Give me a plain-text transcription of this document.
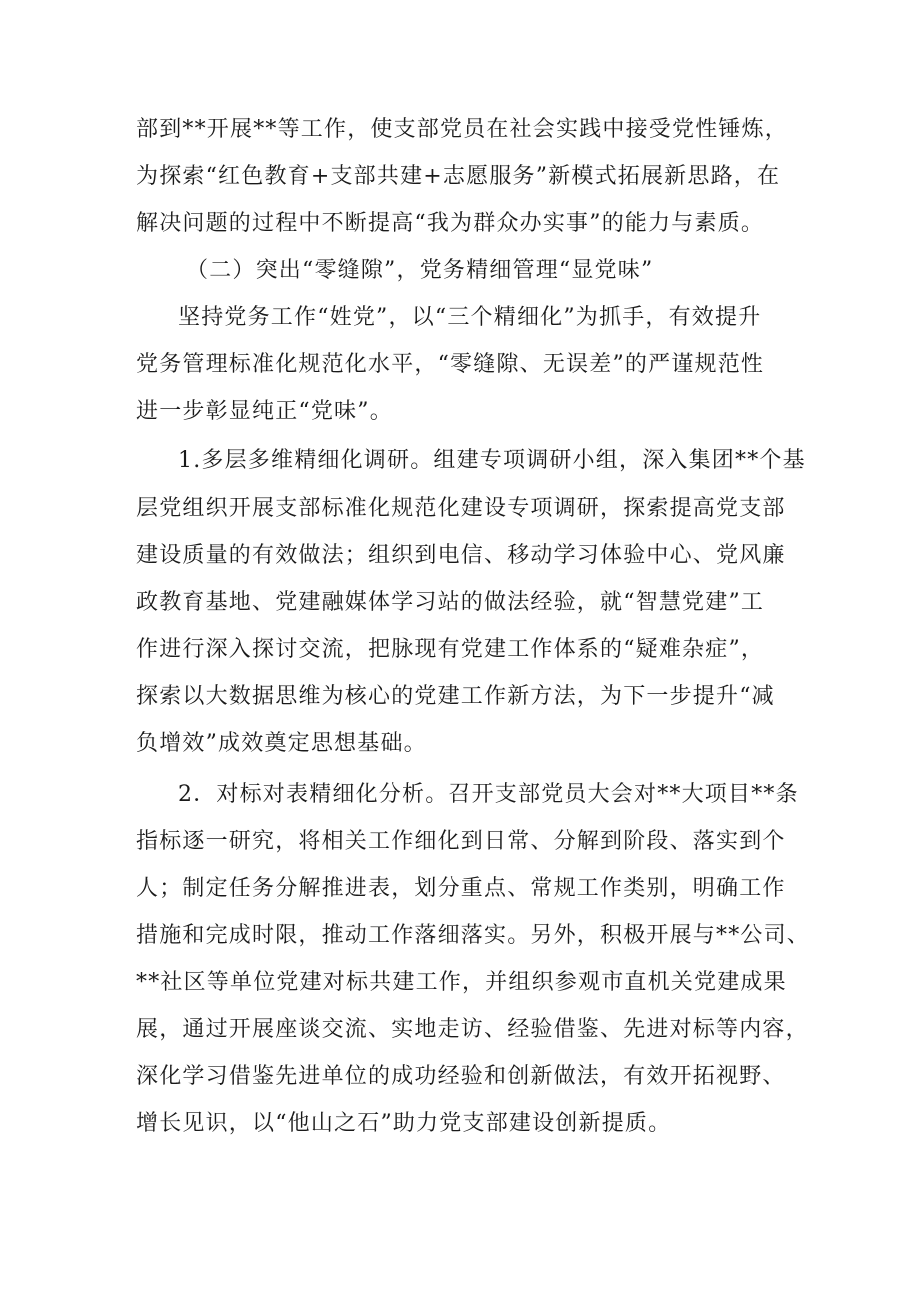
部到**开展**等工作，使支部党员在社会实践中接受党性锤炼，
为探索“红色教育+支部共建+志愿服务”新模式拓展新思路，在
解决问题的过程中不断提高“我为群众办实事”的能力与素质。
（二）突出“零缝隙”，党务精细管理“显党味”
坚持党务工作“姓党”，以“三个精细化”为抓手，有效提升
党务管理标准化规范化水平，“零缝隙、无误差”的严谨规范性
进一步彰显纯正“党味”。
1.多层多维精细化调研。组建专项调研小组，深入集团**个基
层党组织开展支部标准化规范化建设专项调研，探索提高党支部
建设质量的有效做法；组织到电信、移动学习体验中心、党风廉
政教育基地、党建融媒体学习站的做法经验，就“智慧党建”工
作进行深入探讨交流，把脉现有党建工作体系的“疑难杂症”，
探索以大数据思维为核心的党建工作新方法，为下一步提升“减
负增效”成效奠定思想基础。
2．对标对表精细化分析。召开支部党员大会对**大项目**条
指标逐一研究，将相关工作细化到日常、分解到阶段、落实到个
人；制定任务分解推进表，划分重点、常规工作类别，明确工作
措施和完成时限，推动工作落细落实。另外，积极开展与**公司、
**社区等单位党建对标共建工作，并组织参观市直机关党建成果
展，通过开展座谈交流、实地走访、经验借鉴、先进对标等内容，
深化学习借鉴先进单位的成功经验和创新做法，有效开拓视野、
增长见识，以“他山之石”助力党支部建设创新提质。
